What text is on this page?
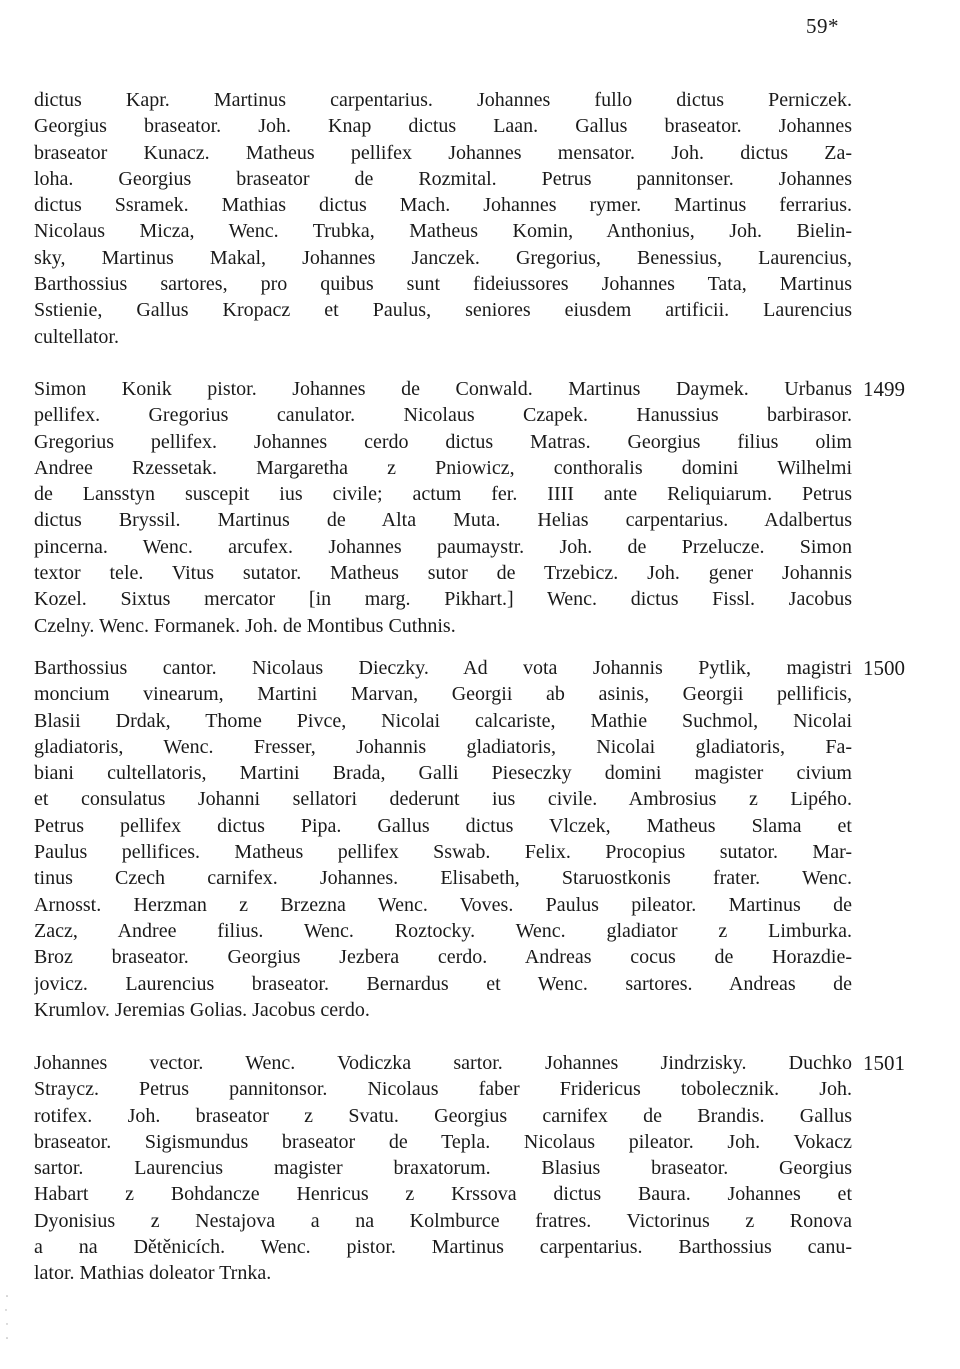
59*
dictus Kapr. Martinus carpentarius. Johannes fullo dictus Perniczek.
Georgius braseator. Joh. Knap dictus Laan. Gallus braseator. Johannes
braseator Kunacz. Matheus pellifex Johannes mensator. Joh. dictus Za-
loha. Georgius braseator de Rozmital. Petrus pannitonser. Johannes
dictus Ssramek. Mathias dictus Mach. Johannes rymer. Martinus ferrarius.
Nicolaus Micza, Wenc. Trubka, Matheus Komin, Anthonius, Joh. Bielin-
sky, Martinus Makal, Johannes Janczek. Gregorius, Benessius, Laurencius,
Barthossius sartores, pro quibus sunt fideiussores Johannes Tata, Martinus
Sstienie, Gallus Kropacz et Paulus, seniores eiusdem artificii. Laurencius
cultellator.
Simon Konik pistor. Johannes de Conwald. Martinus Daymek. Urbanus
pellifex. Gregorius canulator. Nicolaus Czapek. Hanussius barbirasor.
Gregorius pellifex. Johannes cerdo dictus Matras. Georgius filius olim
Andree Rzessetak. Margaretha z Pniowicz, conthoralis domini Wilhelmi
de Lansstyn suscepit ius civile; actum fer. IIII ante Reliquiarum. Petrus
dictus Bryssil. Martinus de Alta Muta. Helias carpentarius. Adalbertus
pincerna. Wenc. arcufex. Johannes paumaystr. Joh. de Przelucze. Simon
textor tele. Vitus sutator. Matheus sutor de Trzebicz. Joh. gener Johannis
Kozel. Sixtus mercator [in marg. Pikhart.] Wenc. dictus Fissl. Jacobus
Czelny. Wenc. Formanek. Joh. de Montibus Cuthnis.
Barthossius cantor. Nicolaus Dieczky. Ad vota Johannis Pytlik, magistri
moncium vinearum, Martini Marvan, Georgii ab asinis, Georgii pellificis,
Blasii Drdak, Thome Pivce, Nicolai calcariste, Mathie Suchmol, Nicolai
gladiatoris, Wenc. Fresser, Johannis gladiatoris, Nicolai gladiatoris, Fa-
biani cultellatoris, Martini Brada, Galli Pieseczky domini magister civium
et consulatus Johanni sellatori dederunt ius civile. Ambrosius z Lipého.
Petrus pellifex dictus Pipa. Gallus dictus Vlczek, Matheus Slama et
Paulus pellifices. Matheus pellifex Sswab. Felix. Procopius sutator. Mar-
tinus Czech carnifex. Johannes. Elisabeth, Staruostkonis frater. Wenc.
Arnosst. Herzman z Brzezna Wenc. Voves. Paulus pileator. Martinus de
Zacz, Andree filius. Wenc. Roztocky. Wenc. gladiator z Limburka.
Broz braseator. Georgius Jezbera cerdo. Andreas cocus de Horazdie-
jovicz. Laurencius braseator. Bernardus et Wenc. sartores. Andreas de
Krumlov. Jeremias Golias. Jacobus cerdo.
Johannes vector. Wenc. Vodiczka sartor. Johannes Jindrzisky. Duchko
Straycz. Petrus pannitonsor. Nicolaus faber Fridericus tobolecznik. Joh.
rotifex. Joh. braseator z Svatu. Georgius carnifex de Brandis. Gallus
braseator. Sigismundus braseator de Tepla. Nicolaus pileator. Joh. Vokacz
sartor. Laurencius magister braxatorum. Blasius braseator. Georgius
Habart z Bohdancze Henricus z Krssova dictus Baura. Johannes et
Dyonisius z Nestajova a na Kolmburce fratres. Victorinus z Ronova
a na Dětěnicích. Wenc. pistor. Martinus carpentarius. Barthossius canu-
lator. Mathias doleator Trnka.
1499
1500
1501
